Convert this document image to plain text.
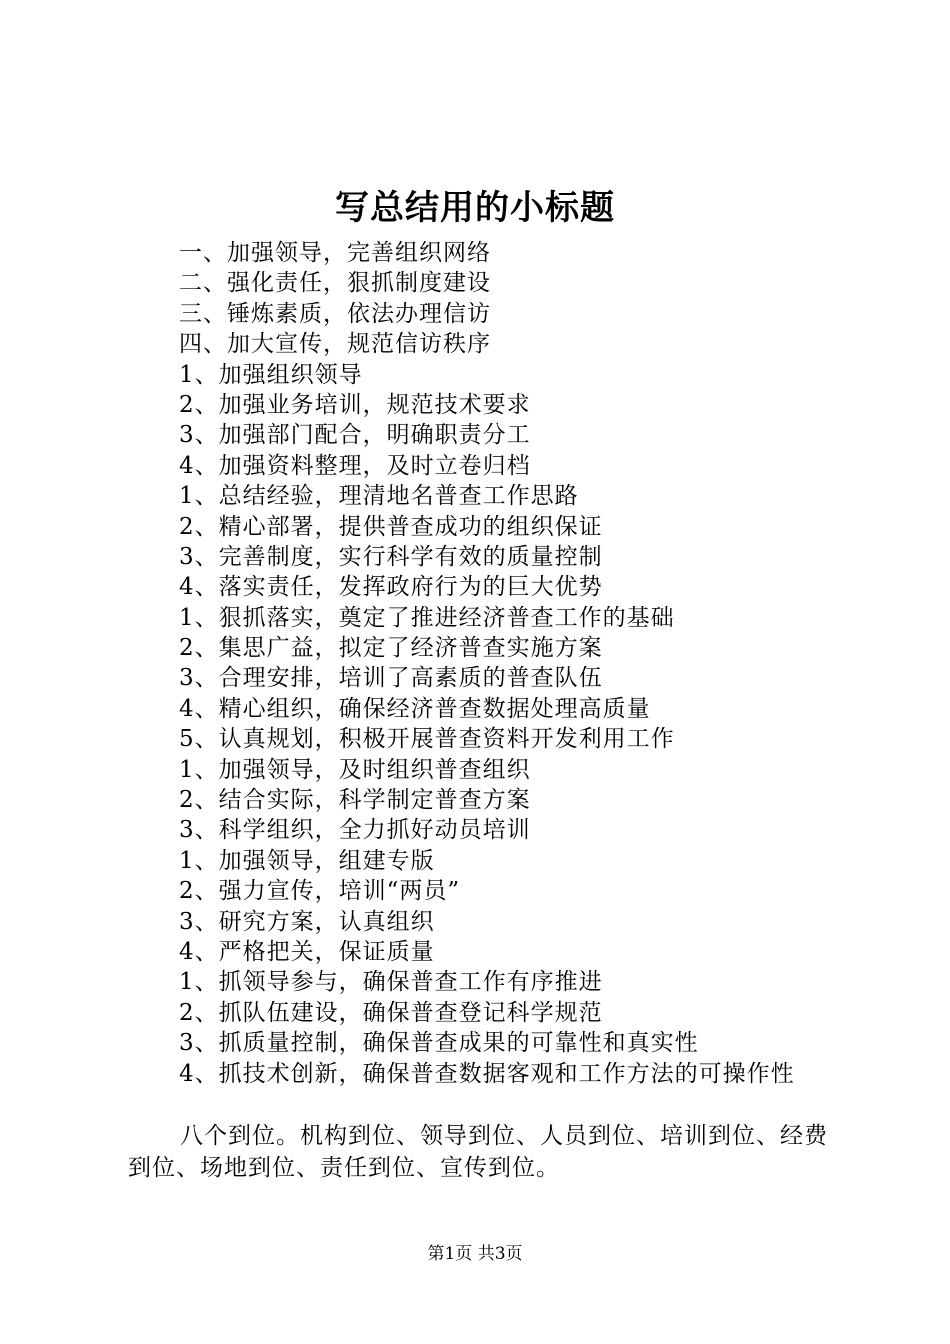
写总结用的小标题
一、加强领导，完善组织网络
二、强化责任，狠抓制度建设
三、锤炼素质，依法办理信访
四、加大宣传，规范信访秩序
1、加强组织领导
2、加强业务培训，规范技术要求
3、加强部门配合，明确职责分工
4、加强资料整理，及时立卷归档
1、总结经验，理清地名普查工作思路
2、精心部署，提供普查成功的组织保证
3、完善制度，实行科学有效的质量控制
4、落实责任，发挥政府行为的巨大优势
1、狠抓落实，奠定了推进经济普查工作的基础
2、集思广益，拟定了经济普查实施方案
3、合理安排，培训了高素质的普查队伍
4、精心组织，确保经济普查数据处理高质量
5、认真规划，积极开展普查资料开发利用工作
1、加强领导，及时组织普查组织
2、结合实际，科学制定普查方案
3、科学组织，全力抓好动员培训
1、加强领导，组建专版
2、强力宣传，培训“两员”
3、研究方案，认真组织
4、严格把关，保证质量
1、抓领导参与，确保普查工作有序推进
2、抓队伍建设，确保普查登记科学规范
3、抓质量控制，确保普查成果的可靠性和真实性
4、抓技术创新，确保普查数据客观和工作方法的可操作性

八个到位。机构到位、领导到位、人员到位、培训到位、经费到位、场地到位、责任到位、宣传到位。

第1页 共3页
